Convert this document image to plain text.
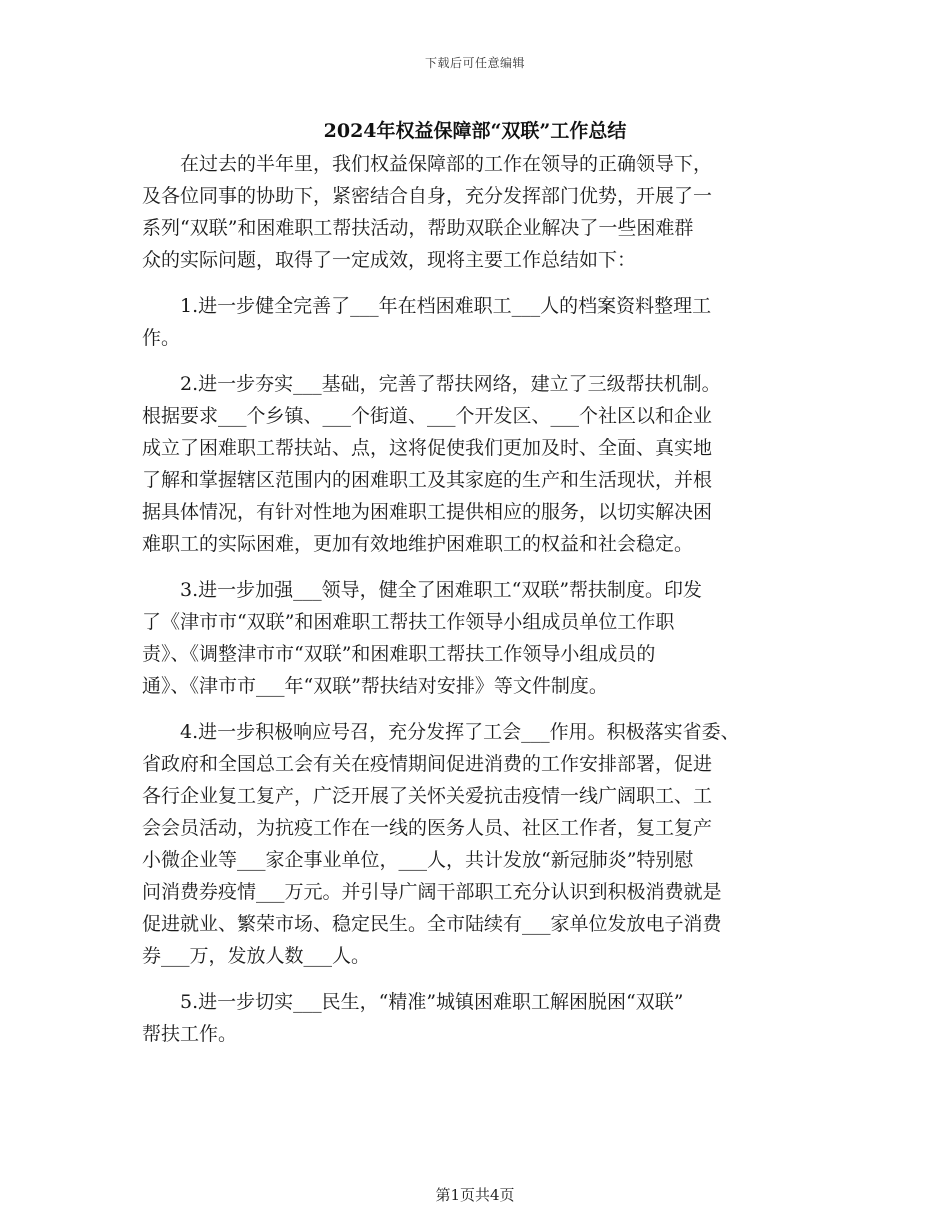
下载后可任意编辑
2024年权益保障部“双联”工作总结

在过去的半年里，我们权益保障部的工作在领导的正确领导下，
及各位同事的协助下，紧密结合自身，充分发挥部门优势，开展了一
系列“双联”和困难职工帮扶活动，帮助双联企业解决了一些困难群
众的实际问题，取得了一定成效，现将主要工作总结如下：

1.进一步健全完善了___年在档困难职工___人的档案资料整理工
作。

2.进一步夯实___基础，完善了帮扶网络，建立了三级帮扶机制。
根据要求___个乡镇、___个街道、___个开发区、___个社区以和企业
成立了困难职工帮扶站、点，这将促使我们更加及时、全面、真实地
了解和掌握辖区范围内的困难职工及其家庭的生产和生活现状，并根
据具体情况，有针对性地为困难职工提供相应的服务，以切实解决困
难职工的实际困难，更加有效地维护困难职工的权益和社会稳定。

3.进一步加强___领导，健全了困难职工“双联”帮扶制度。印发
了《津市市“双联”和困难职工帮扶工作领导小组成员单位工作职
责》、《调整津市市“双联”和困难职工帮扶工作领导小组成员的
通》、《津市市___年“双联”帮扶结对安排》等文件制度。

4.进一步积极响应号召，充分发挥了工会___作用。积极落实省委、
省政府和全国总工会有关在疫情期间促进消费的工作安排部署，促进
各行企业复工复产，广泛开展了关怀关爱抗击疫情一线广阔职工、工
会会员活动，为抗疫工作在一线的医务人员、社区工作者，复工复产
小微企业等___家企事业单位，___人，共计发放“新冠肺炎”特别慰
问消费券疫情___万元。并引导广阔干部职工充分认识到积极消费就是
促进就业、繁荣市场、稳定民生。全市陆续有___家单位发放电子消费
券___万，发放人数___人。

5.进一步切实___民生，“精准”城镇困难职工解困脱困“双联”
帮扶工作。

第1页共4页
